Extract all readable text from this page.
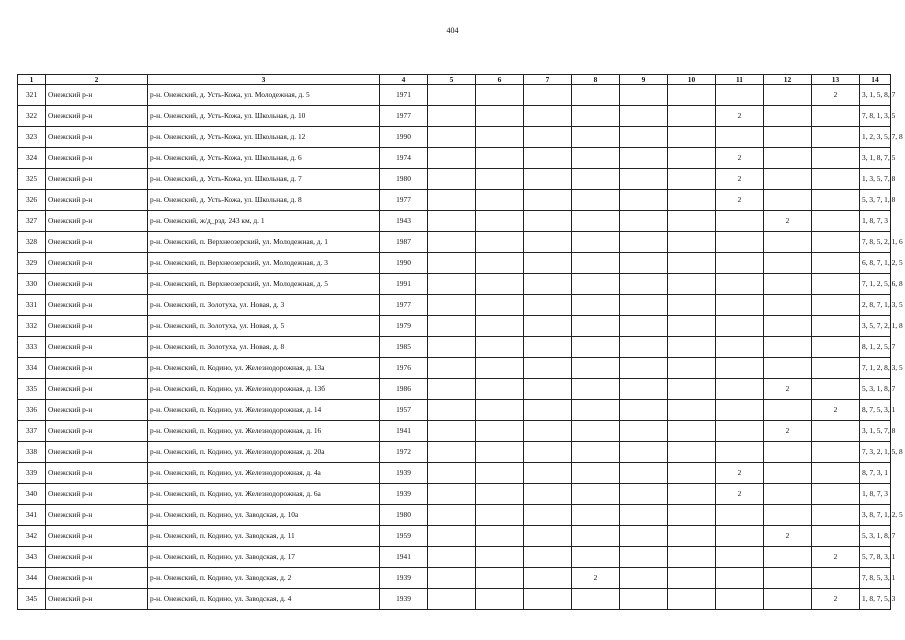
404
1	2	3	4	5	6	7	8	9	10	11	12	13	14
321	Онежский р-н	р-н. Онежский, д. Усть-Кожа, ул. Молодежная, д. 5	1971									2	3, 1, 5, 8, 7
322	Онежский р-н	р-н. Онежский, д. Усть-Кожа, ул. Школьная, д. 10	1977							2			7, 8, 1, 3, 5
323	Онежский р-н	р-н. Онежский, д. Усть-Кожа, ул. Школьная, д. 12	1990										1, 2, 3, 5, 7, 8
324	Онежский р-н	р-н. Онежский, д. Усть-Кожа, ул. Школьная, д. 6	1974							2			3, 1, 8, 7, 5
325	Онежский р-н	р-н. Онежский, д. Усть-Кожа, ул. Школьная, д. 7	1980							2			1, 3, 5, 7, 8
326	Онежский р-н	р-н. Онежский, д. Усть-Кожа, ул. Школьная, д. 8	1977							2			5, 3, 7, 1, 8
327	Онежский р-н	р-н. Онежский, ж/д_рзд. 243 км, д. 1	1943								2		1, 8, 7, 3
328	Онежский р-н	р-н. Онежский, п. Верхнеозерский, ул. Молодежная, д. 1	1987										7, 8, 5, 2, 1, 6
329	Онежский р-н	р-н. Онежский, п. Верхнеозерский, ул. Молодежная, д. 3	1990										6, 8, 7, 1, 2, 5
330	Онежский р-н	р-н. Онежский, п. Верхнеозерский, ул. Молодежная, д. 5	1991										7, 1, 2, 5, 6, 8
331	Онежский р-н	р-н. Онежский, п. Золотуха, ул. Новая, д. 3	1977										2, 8, 7, 1, 3, 5
332	Онежский р-н	р-н. Онежский, п. Золотуха, ул. Новая, д. 5	1979										3, 5, 7, 2, 1, 8
333	Онежский р-н	р-н. Онежский, п. Золотуха, ул. Новая, д. 8	1985										8, 1, 2, 5, 7
334	Онежский р-н	р-н. Онежский, п. Кодино, ул. Железнодорожная, д. 13а	1976										7, 1, 2, 8, 3, 5
335	Онежский р-н	р-н. Онежский, п. Кодино, ул. Железнодорожная, д. 13б	1986								2		5, 3, 1, 8, 7
336	Онежский р-н	р-н. Онежский, п. Кодино, ул. Железнодорожная, д. 14	1957									2	8, 7, 5, 3, 1
337	Онежский р-н	р-н. Онежский, п. Кодино, ул. Железнодорожная, д. 16	1941								2		3, 1, 5, 7, 8
338	Онежский р-н	р-н. Онежский, п. Кодино, ул. Железнодорожная, д. 20а	1972										7, 3, 2, 1, 5, 8
339	Онежский р-н	р-н. Онежский, п. Кодино, ул. Железнодорожная, д. 4а	1939							2			8, 7, 3, 1
340	Онежский р-н	р-н. Онежский, п. Кодино, ул. Железнодорожная, д. 6а	1939							2			1, 8, 7, 3
341	Онежский р-н	р-н. Онежский, п. Кодино, ул. Заводская, д. 10а	1980										3, 8, 7, 1, 2, 5
342	Онежский р-н	р-н. Онежский, п. Кодино, ул. Заводская, д. 11	1959								2		5, 3, 1, 8, 7
343	Онежский р-н	р-н. Онежский, п. Кодино, ул. Заводская, д. 17	1941									2	5, 7, 8, 3, 1
344	Онежский р-н	р-н. Онежский, п. Кодино, ул. Заводская, д. 2	1939				2						7, 8, 5, 3, 1
345	Онежский р-н	р-н. Онежский, п. Кодино, ул. Заводская, д. 4	1939									2	1, 8, 7, 5, 3
